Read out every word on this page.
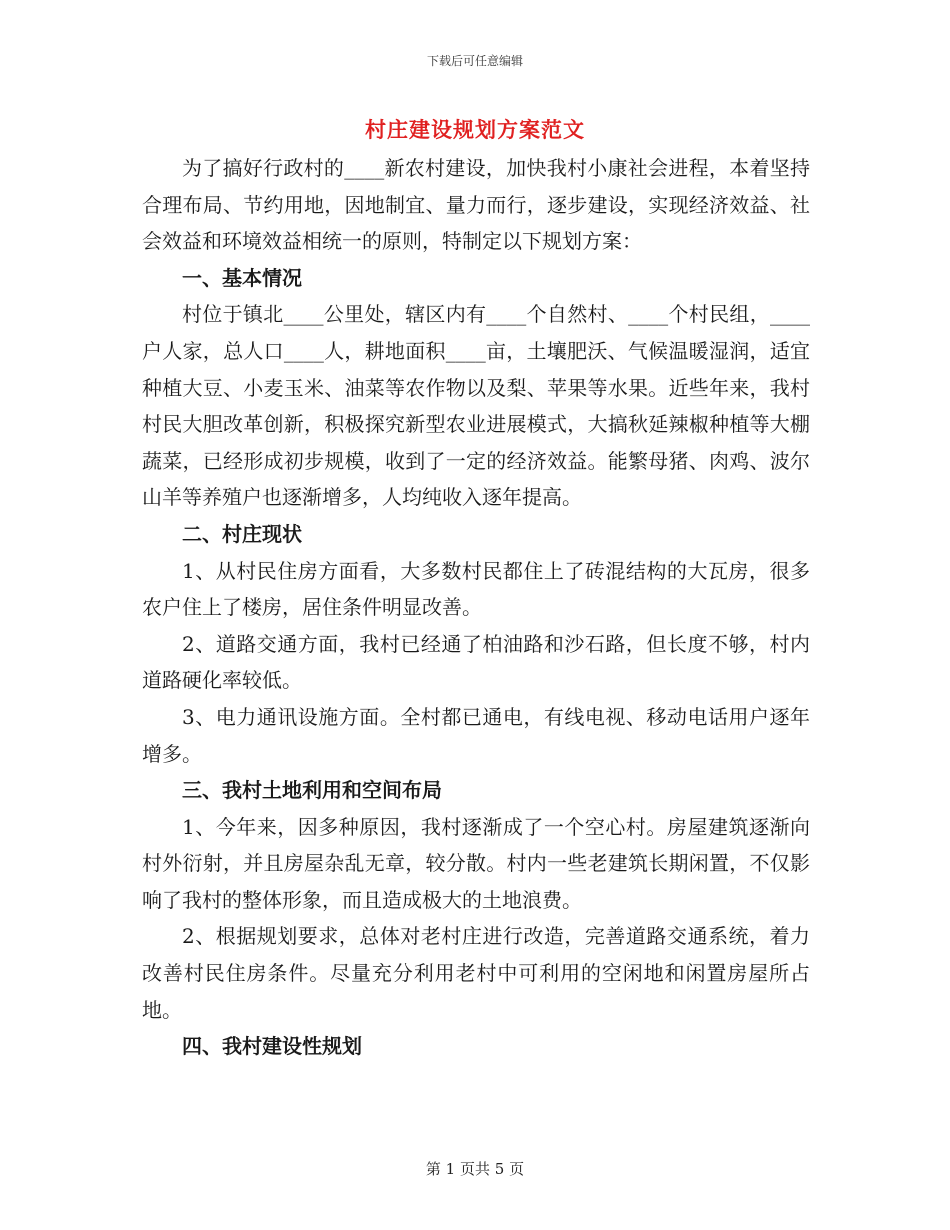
下载后可任意编辑
村庄建设规划方案范文

为了搞好行政村的____新农村建设，加快我村小康社会进程，本着坚持合理布局、节约用地，因地制宜、量力而行，逐步建设，实现经济效益、社会效益和环境效益相统一的原则，特制定以下规划方案：

一、基本情况

村位于镇北____公里处，辖区内有____个自然村、____个村民组，____户人家，总人口____人，耕地面积____亩，土壤肥沃、气候温暖湿润，适宜种植大豆、小麦玉米、油菜等农作物以及梨、苹果等水果。近些年来，我村村民大胆改革创新，积极探究新型农业进展模式，大搞秋延辣椒种植等大棚蔬菜，已经形成初步规模，收到了一定的经济效益。能繁母猪、肉鸡、波尔山羊等养殖户也逐渐增多，人均纯收入逐年提高。

二、村庄现状

1、从村民住房方面看，大多数村民都住上了砖混结构的大瓦房，很多农户住上了楼房，居住条件明显改善。

2、道路交通方面，我村已经通了柏油路和沙石路，但长度不够，村内道路硬化率较低。

3、电力通讯设施方面。全村都已通电，有线电视、移动电话用户逐年增多。

三、我村土地利用和空间布局

1、今年来，因多种原因，我村逐渐成了一个空心村。房屋建筑逐渐向村外衍射，并且房屋杂乱无章，较分散。村内一些老建筑长期闲置，不仅影响了我村的整体形象，而且造成极大的土地浪费。

2、根据规划要求，总体对老村庄进行改造，完善道路交通系统，着力改善村民住房条件。尽量充分利用老村中可利用的空闲地和闲置房屋所占地。

四、我村建设性规划

第 1 页共 5 页
